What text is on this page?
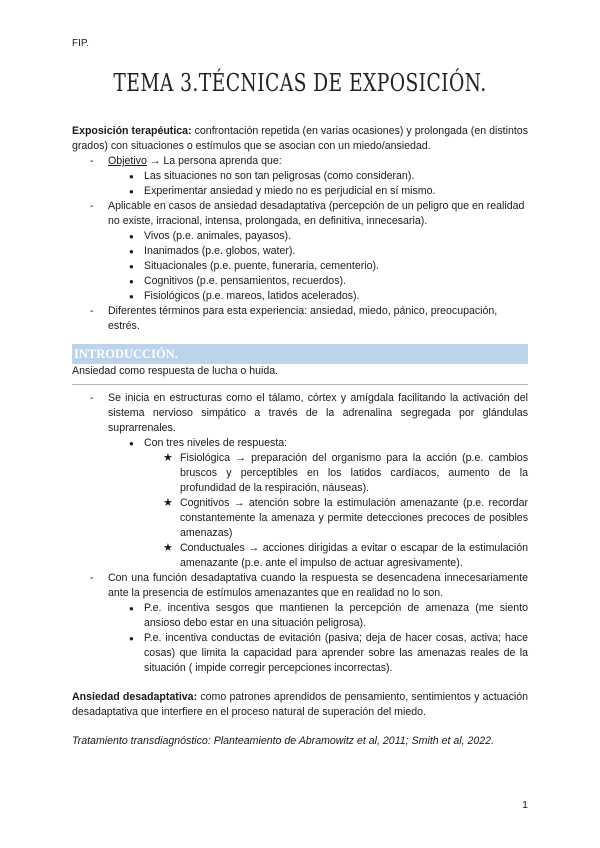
FIP.
TEMA 3.TÉCNICAS DE EXPOSICIÓN.

Exposición terapéutica: confrontación repetida (en varias ocasiones) y prolongada (en distintos grados) con situaciones o estímulos que se asocian con un miedo/ansiedad.

- Objetivo → La persona aprenda que:
● Las situaciones no son tan peligrosas (como consideran).
● Experimentar ansiedad y miedo no es perjudicial en sí mismo.
- Aplicable en casos de ansiedad desadaptativa (percepción de un peligro que en realidad no existe, irracional, intensa, prolongada, en definitiva, innecesaria).
● Vivos (p.e. animales, payasos).
● Inanimados (p.e. globos, water).
● Situacionales (p.e. puente, funeraria, cementerio).
● Cognitivos (p.e. pensamientos, recuerdos).
● Fisiológicos (p.e. mareos, latidos acelerados).
- Diferentes términos para esta experiencia: ansiedad, miedo, pánico, preocupación, estrés.
INTRODUCCIÓN.

Ansiedad como respuesta de lucha o huida.

- Se inicia en estructuras como el tálamo, córtex y amígdala facilitando la activación del sistema nervioso simpático a través de la adrenalina segregada por glándulas suprarrenales.
● Con tres niveles de respuesta:
★ Fisiológica → preparación del organismo para la acción (p.e. cambios bruscos y perceptibles en los latidos cardíacos, aumento de la profundidad de la respiración, náuseas).
★ Cognitivos → atención sobre la estimulación amenazante (p.e. recordar constantemente la amenaza y permite detecciones precoces de posibles amenazas)
★ Conductuales → acciones dirigidas a evitar o escapar de la estimulación amenazante (p.e. ante el impulso de actuar agresivamente).
- Con una función desadaptativa cuando la respuesta se desencadena innecesariamente ante la presencia de estímulos amenazantes que en realidad no lo son.
● P.e. incentiva sesgos que mantienen la percepción de amenaza (me siento ansioso debo estar en una situación peligrosa).
● P.e. incentiva conductas de evitación (pasiva; deja de hacer cosas, activa; hace cosas) que limita la capacidad para aprender sobre las amenazas reales de la situación ( impide corregir percepciones incorrectas).

Ansiedad desadaptativa: como patrones aprendidos de pensamiento, sentimientos y actuación desadaptativa que interfiere en el proceso natural de superación del miedo.

Tratamiento transdiagnóstico: Planteamiento de Abramowitz et al, 2011; Smith et al, 2022.

1
